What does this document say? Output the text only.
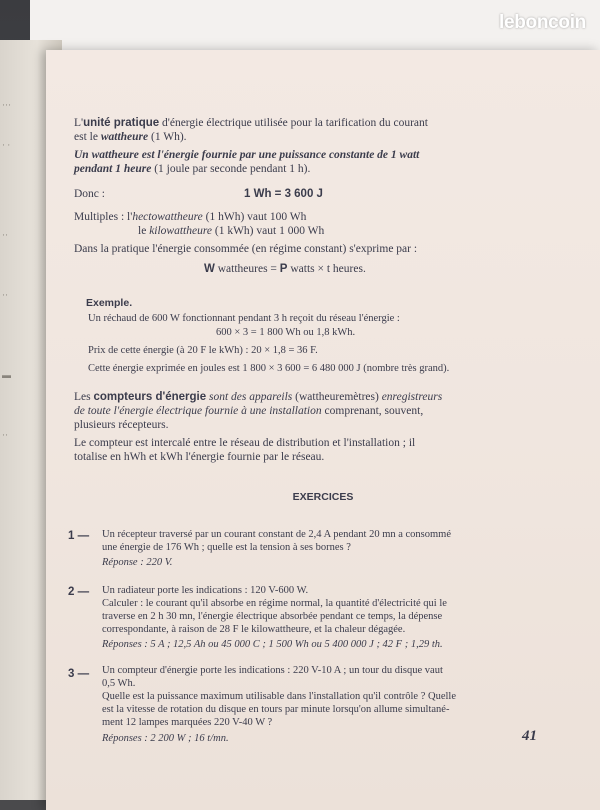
···
· ·
··
··
▬
··
L'unité pratique d'énergie électrique utilisée pour la tarification du courant
est le wattheure (1 Wh).
Un wattheure est l'énergie fournie par une puissance constante de 1 watt
pendant 1 heure (1 joule par seconde pendant 1 h).
Donc :	1 Wh = 3 600 J
Multiples : l'hectowattheure (1 hWh) vaut 100 Wh
le kilowattheure (1 kWh) vaut 1 000 Wh
Dans la pratique l'énergie consommée (en régime constant) s'exprime par :
W wattheures = P watts × t heures.
Exemple.
Un réchaud de 600 W fonctionnant pendant 3 h reçoit du réseau l'énergie :
600 × 3 = 1 800 Wh ou 1,8 kWh.
Prix de cette énergie (à 20 F le kWh) : 20 × 1,8 = 36 F.
Cette énergie exprimée en joules est 1 800 × 3 600 = 6 480 000 J (nombre très grand).
Les compteurs d'énergie sont des appareils (wattheuremètres) enregistreurs
de toute l'énergie électrique fournie à une installation comprenant, souvent,
plusieurs récepteurs.
Le compteur est intercalé entre le réseau de distribution et l'installation ; il
totalise en hWh et kWh l'énergie fournie par le réseau.
EXERCICES
1 — Un récepteur traversé par un courant constant de 2,4 A pendant 20 mn a consommé
une énergie de 176 Wh ; quelle est la tension à ses bornes ?
Réponse : 220 V.
2 — Un radiateur porte les indications : 120 V-600 W.
Calculer : le courant qu'il absorbe en régime normal, la quantité d'électricité qui le
traverse en 2 h 30 mn, l'énergie électrique absorbée pendant ce temps, la dépense
correspondante, à raison de 28 F le kilowattheure, et la chaleur dégagée.
Réponses : 5 A ; 12,5 Ah ou 45 000 C ; 1 500 Wh ou 5 400 000 J ; 42 F ; 1,29 th.
3 — Un compteur d'énergie porte les indications : 220 V-10 A ; un tour du disque vaut
0,5 Wh.
Quelle est la puissance maximum utilisable dans l'installation qu'il contrôle ? Quelle
est la vitesse de rotation du disque en tours par minute lorsqu'on allume simultané-
ment 12 lampes marquées 220 V-40 W ?
Réponses : 2 200 W ; 16 t/mn.	41
leboncoin
